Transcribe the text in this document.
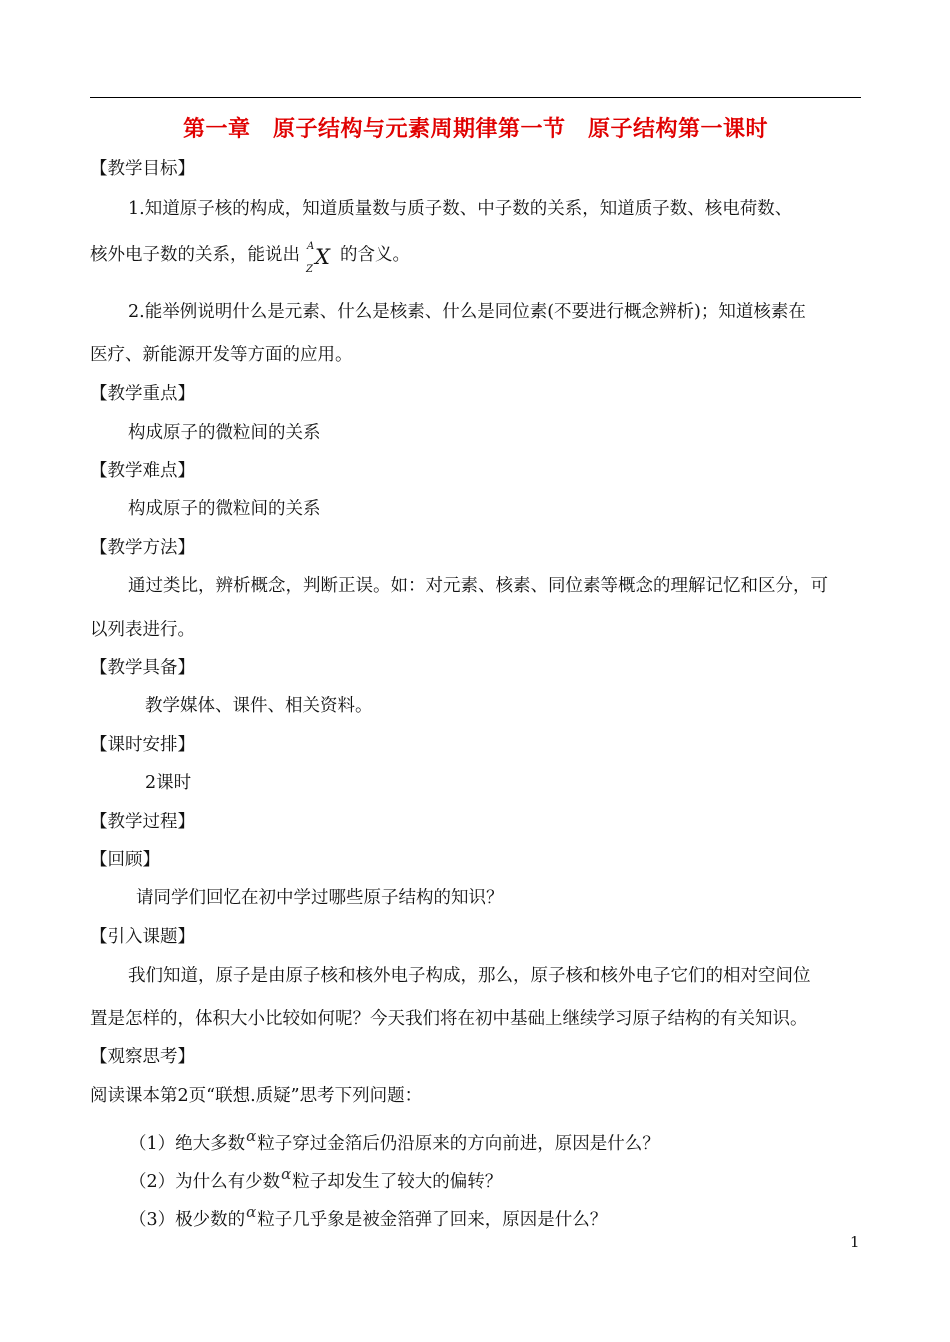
第一章　原子结构与元素周期律第一节　原子结构第一课时
【教学目标】
1.知道原子核的构成，知道质量数与质子数、中子数的关系，知道质子数、核电荷数、
核外电子数的关系，能说出 A
Z
X 的含义。
2.能举例说明什么是元素、什么是核素、什么是同位素(不要进行概念辨析)；知道核素在
医疗、新能源开发等方面的应用。
【教学重点】
构成原子的微粒间的关系
【教学难点】
构成原子的微粒间的关系
【教学方法】
通过类比，辨析概念，判断正误。如：对元素、核素、同位素等概念的理解记忆和区分，可
以列表进行。
【教学具备】
教学媒体、课件、相关资料。
【课时安排】
2课时
【教学过程】
【回顾】
请同学们回忆在初中学过哪些原子结构的知识？
【引入课题】
我们知道，原子是由原子核和核外电子构成，那么，原子核和核外电子它们的相对空间位
置是怎样的，体积大小比较如何呢？今天我们将在初中基础上继续学习原子结构的有关知识。
【观察思考】
阅读课本第2页“联想.质疑”思考下列问题：
（1）绝大多数α粒子穿过金箔后仍沿原来的方向前进，原因是什么？
（2）为什么有少数α粒子却发生了较大的偏转？
（3）极少数的α粒子几乎象是被金箔弹了回来，原因是什么？
1
